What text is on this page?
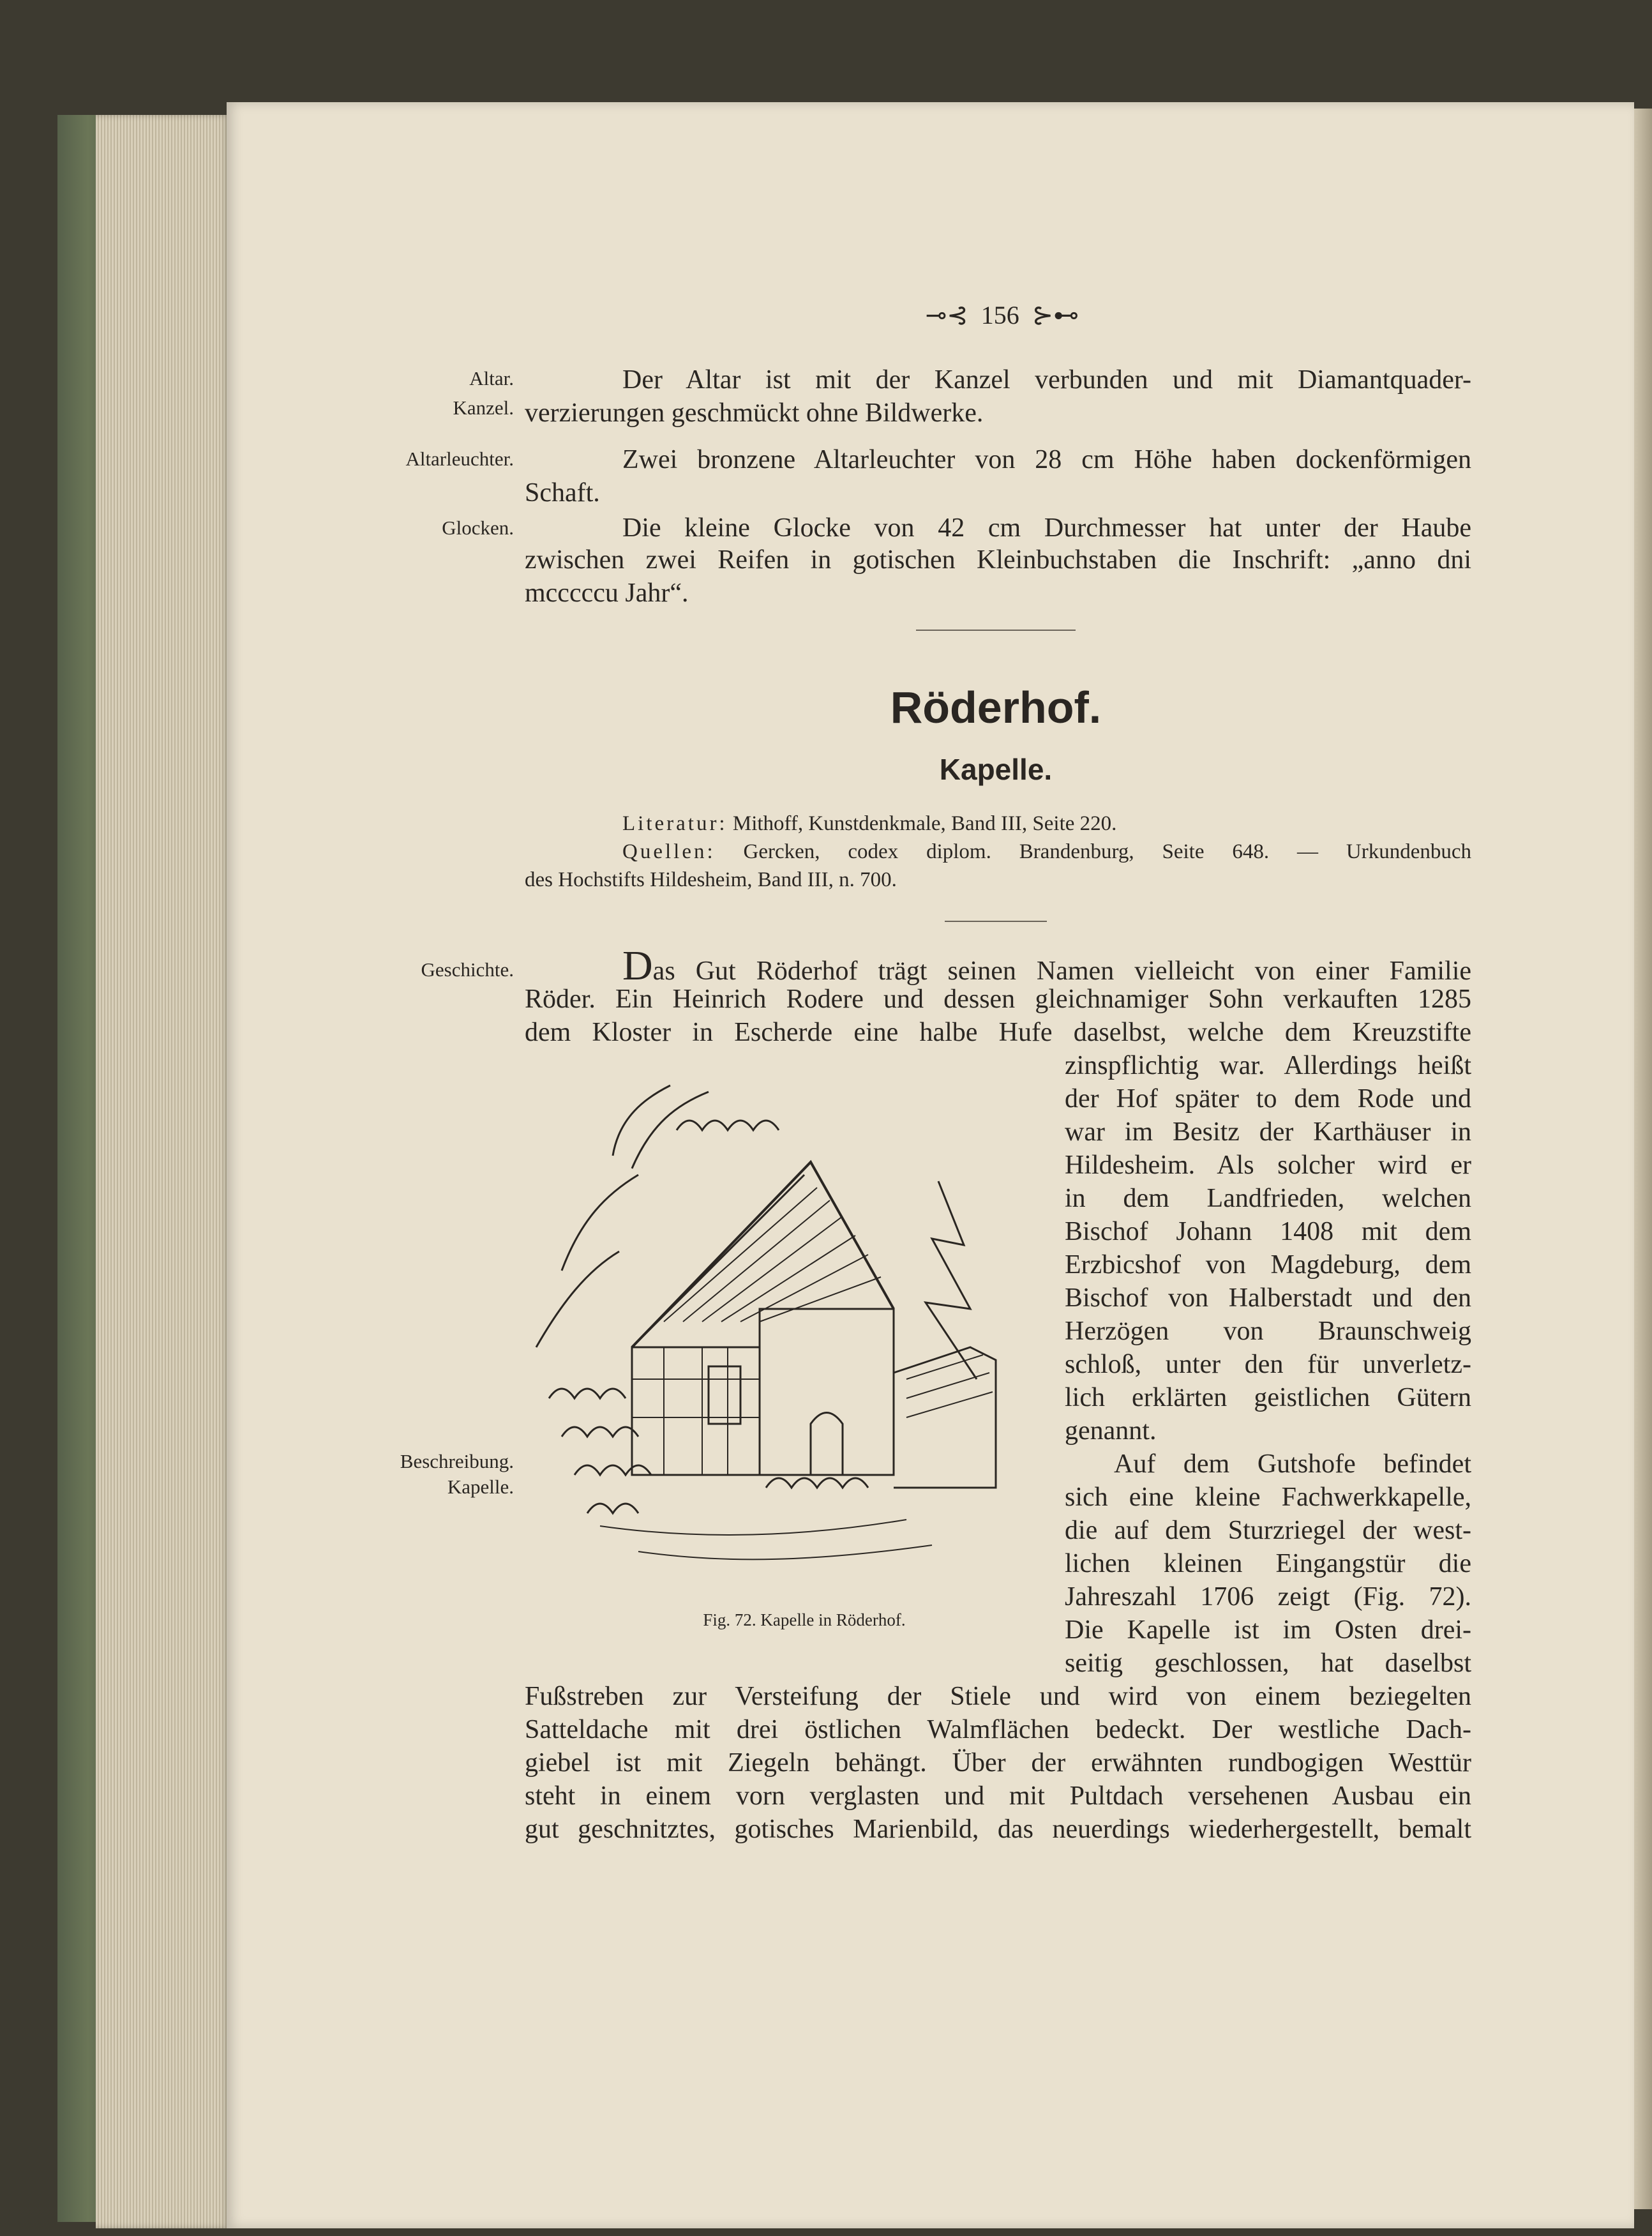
⊸⊰ 156 ⊱⊷
Altar.
Kanzel.
Altarleuchter.
Glocken.
Geschichte.
Beschreibung.
Kapelle.
Der Altar ist mit der Kanzel verbunden und mit Diamantquader-
verzierungen geschmückt ohne Bildwerke.
Zwei bronzene Altarleuchter von 28 cm Höhe haben dockenförmigen
Schaft.
Die kleine Glocke von 42 cm Durchmesser hat unter der Haube
zwischen zwei Reifen in gotischen Kleinbuchstaben die Inschrift: „anno dni
mcccccu Jahr“.
Röderhof.
Kapelle.
Literatur: Mithoff, Kunstdenkmale, Band III, Seite 220.
Quellen: Gercken, codex diplom. Brandenburg, Seite 648. — Urkundenbuch
des Hochstifts Hildesheim, Band III, n. 700.
Das Gut Röderhof trägt seinen Namen vielleicht von einer Familie
Röder. Ein Heinrich Rodere und dessen gleichnamiger Sohn verkauften 1285
dem Kloster in Escherde eine halbe Hufe daselbst, welche dem Kreuzstifte
zinspflichtig war. Allerdings heißt
der Hof später to dem Rode und
war im Besitz der Karthäuser in
Hildesheim. Als solcher wird er
in dem Landfrieden, welchen
Bischof Johann 1408 mit dem
Erzbicshof von Magdeburg, dem
Bischof von Halberstadt und den
Herzögen von Braunschweig
schloß, unter den für unverletz-
lich erklärten geistlichen Gütern
genannt.
Auf dem Gutshofe befindet
sich eine kleine Fachwerkkapelle,
die auf dem Sturzriegel der west-
lichen kleinen Eingangstür die
Jahreszahl 1706 zeigt (Fig. 72).
Die Kapelle ist im Osten drei-
seitig geschlossen, hat daselbst
Fußstreben zur Versteifung der Stiele und wird von einem beziegelten
Satteldache mit drei östlichen Walmflächen bedeckt. Der westliche Dach-
giebel ist mit Ziegeln behängt. Über der erwähnten rundbogigen Westtür
steht in einem vorn verglasten und mit Pultdach versehenen Ausbau ein
gut geschnitztes, gotisches Marienbild, das neuerdings wiederhergestellt, bemalt
Fig. 72. Kapelle in Röderhof.
